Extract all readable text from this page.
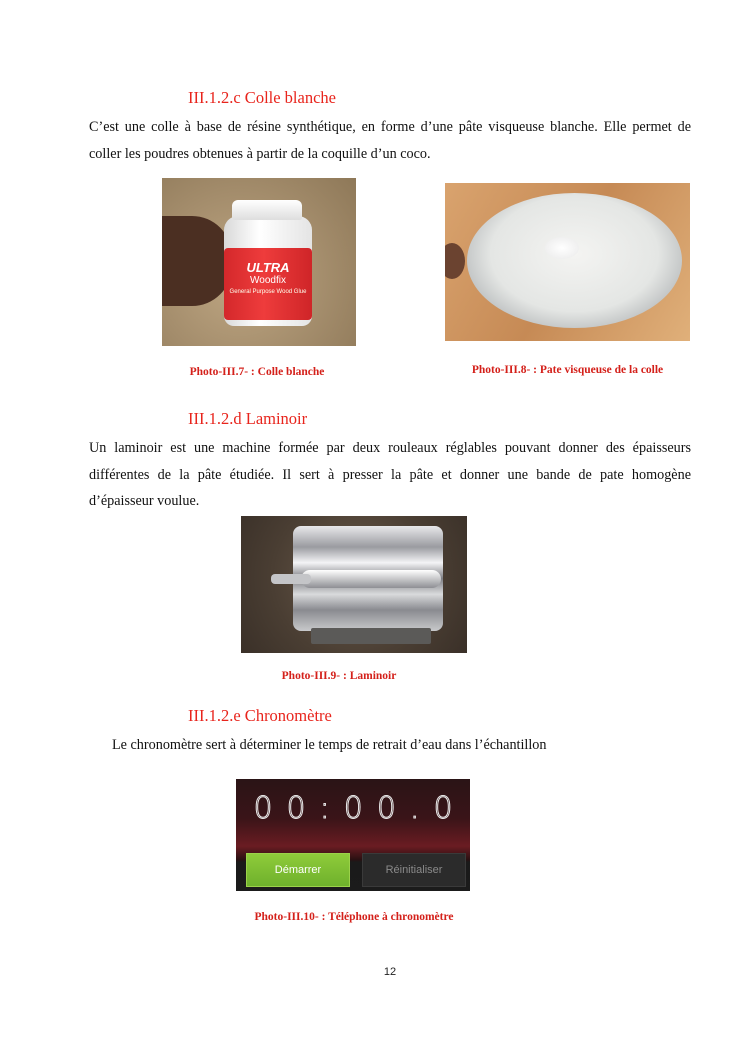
III.1.2.c Colle blanche

C’est une colle à base de résine synthétique, en forme d’une pâte visqueuse blanche. Elle permet de

coller les poudres obtenues à partir de la coquille d’un coco.

ULTRA
Woodfix
General Purpose Wood Glue
Photo-III.7- : Colle blanche	Photo-III.8- : Pate visqueuse de la colle
III.1.2.d Laminoir

Un laminoir est une machine formée par deux rouleaux réglables pouvant donner des épaisseurs

différentes de la pâte étudiée. Il sert à presser la pâte et donner une bande de pate homogène

d’épaisseur voulue.

Photo-III.9- : Laminoir
III.1.2.e Chronomètre
Le chronomètre sert à déterminer le temps de retrait d’eau dans l’échantillon
00:00.0
Démarrer	Réinitialiser
Photo-III.10- : Téléphone à chronomètre
12
